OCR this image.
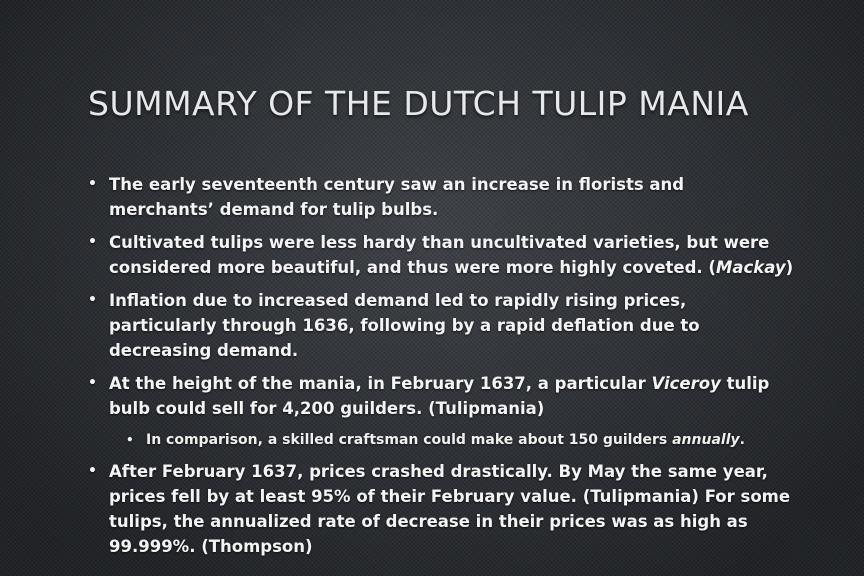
SUMMARY OF THE DUTCH TULIP MANIA
• The early seventeenth century saw an increase in florists and merchants’ demand for tulip bulbs.
• Cultivated tulips were less hardy than uncultivated varieties, but were considered more beautiful, and thus were more highly coveted. (Mackay)
• Inflation due to increased demand led to rapidly rising prices, particularly through 1636, following by a rapid deflation due to decreasing demand.
• At the height of the mania, in February 1637, a particular Viceroy tulip bulb could sell for 4,200 guilders. (Tulipmania)
• In comparison, a skilled craftsman could make about 150 guilders annually.
• After February 1637, prices crashed drastically. By May the same year, prices fell by at least 95% of their February value. (Tulipmania) For some tulips, the annualized rate of decrease in their prices was as high as 99.999%. (Thompson)
